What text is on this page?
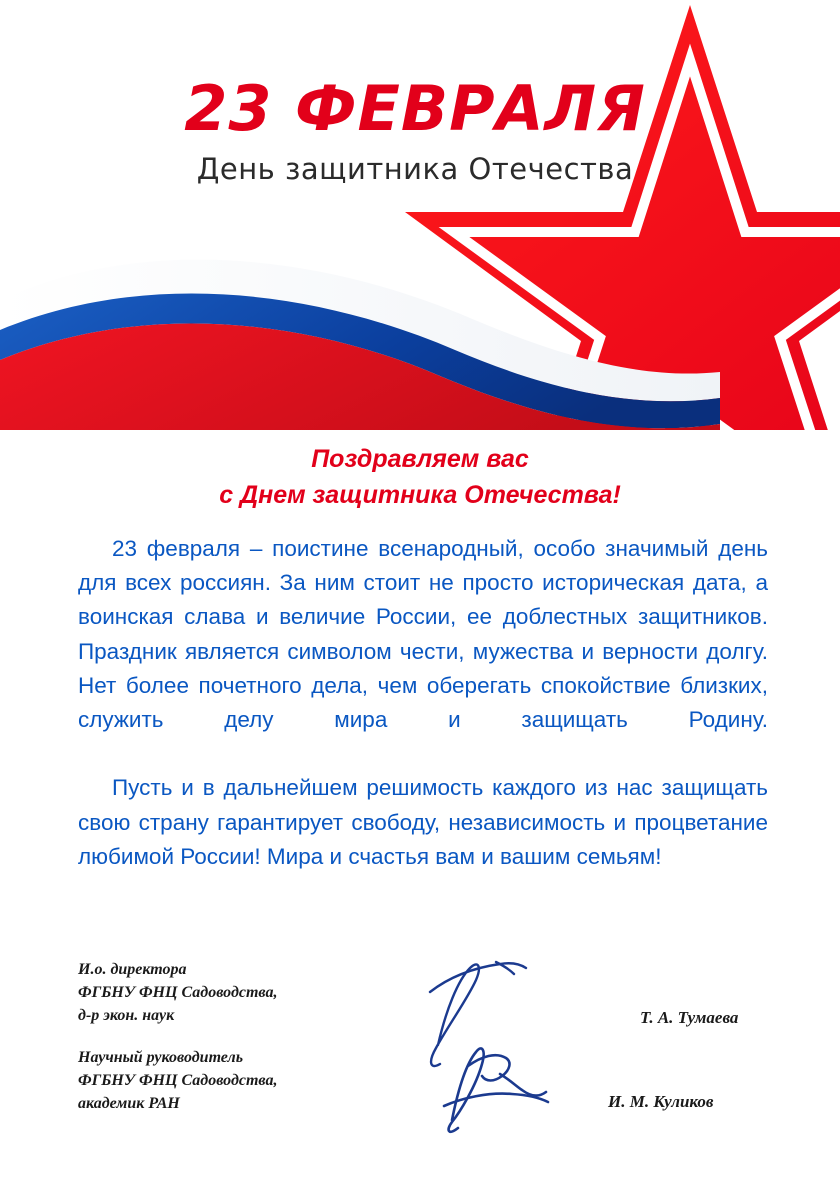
23 ФЕВРАЛЯ
День защитника Отечества
Поздравляем вас
с Днем защитника Отечества!

23 февраля – поистине всенародный, особо значимый день для всех россиян. За ним стоит не просто историческая дата, а воинская слава и величие России, ее доблестных защитников. Праздник является символом чести, мужества и верности долгу. Нет более почетного дела, чем оберегать спокойствие близких, служить делу мира и защищать Родину.

Пусть и в дальнейшем решимость каждого из нас защищать свою страну гарантирует свободу, независимость и процветание любимой России! Мира и счастья вам и вашим семьям!

И.о. директора
ФГБНУ ФНЦ Садоводства,
д-р экон. наук	Т. А. Тумаева
Научный руководитель
ФГБНУ ФНЦ Садоводства,
академик РАН	И. М. Куликов
